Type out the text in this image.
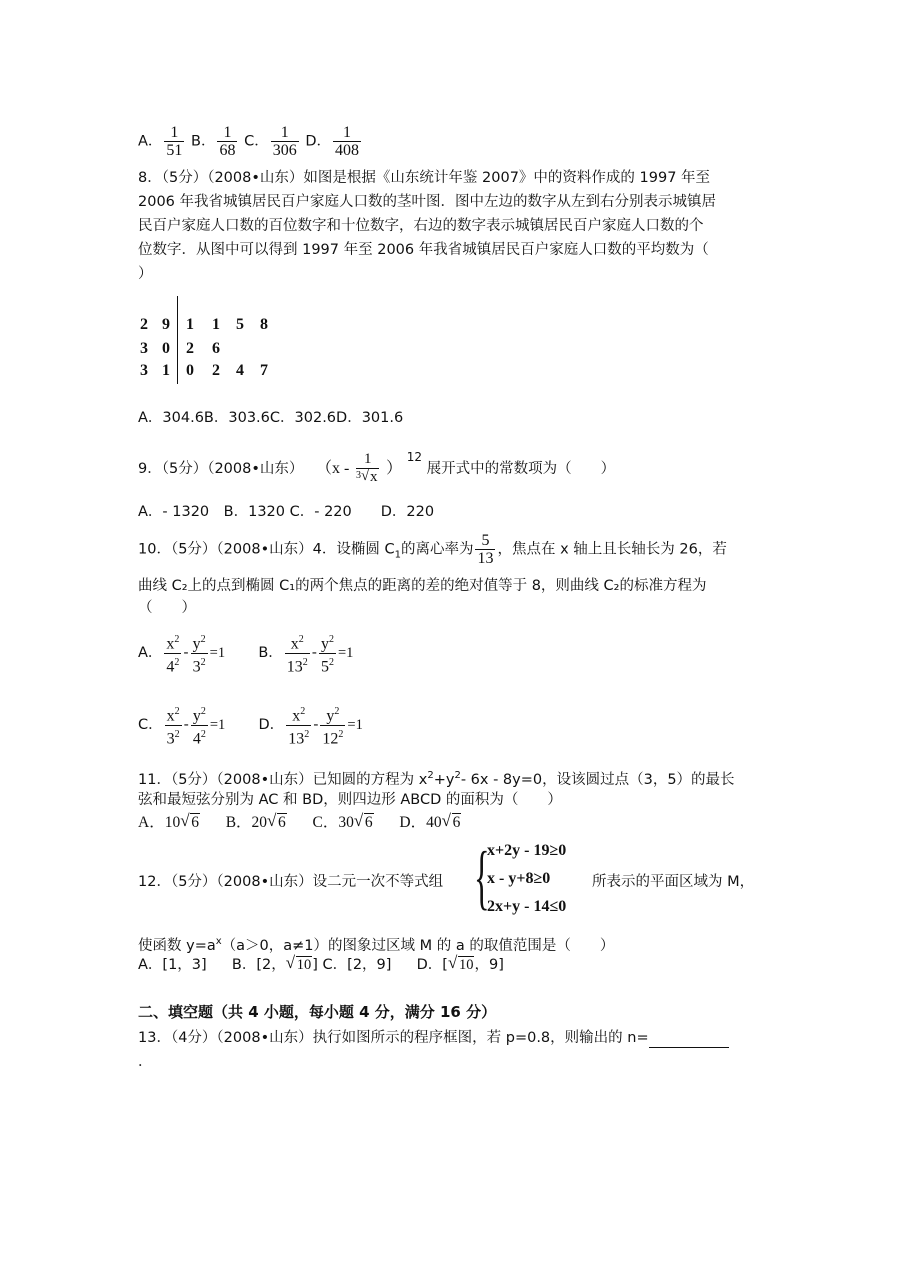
A． $\frac{1}{51}$ B． $\frac{1}{68}$ C． $\frac{1}{306}$ D． $\frac{1}{408}$
8．（5分）（2008•山东）如图是根据《山东统计年鉴 2007》中的资料作成的 1997 年至
2006 年我省城镇居民百户家庭人口数的茎叶图．图中左边的数字从左到右分别表示城镇居
民百户家庭人口数的百位数字和十位数字，右边的数字表示城镇居民百户家庭人口数的个
位数字．从图中可以得到 1997 年至 2006 年我省城镇居民百户家庭人口数的平均数为（
）
2 9 1 1 5 8
3 0 2 6
3 1 0 2 4 7
A．304.6B．303.6C．302.6D．301.6
9．（5分）（2008•山东） （$x - \frac{1}{3 √ x}$ ） $^{12}$ 展开式中的常数项为（　　）
A．- 1320　B．1320 C．- 220　　D．220
10．（5分）（2008•山东）4．设椭圆 $C_1$的离心率为 $\frac{5}{13}$ ，焦点在 x 轴上且长轴长为 26，若
曲线 C₂上的点到椭圆 C₁的两个焦点的距离的差的绝对值等于 8，则曲线 C₂的标准方程为
（　　）
A． $\frac{x^2}{4^2} - \frac{y^2}{3^2} =1$ B． $\frac{x^2}{13^2} - \frac{y^2}{5^2} =1$
C． $\frac{x^2}{3^2} - \frac{y^2}{4^2} =1$ D． $\frac{x^2}{13^2} - \frac{y^2}{12^2} =1$
11．（5分）（2008•山东）已知圆的方程为 $x^2+y^2-$ 6x - 8y=0，设该圆过点（3，5）的最长
弦和最短弦分别为 AC 和 BD，则四边形 ABCD 的面积为（　　）
A．10 √ 6 B．20 √ 6 C．30 √ 6 D．40 √ 6
12．（5分）（2008•山东）设二元一次不等式组 {
x+2y - 19≥0
x - y+8≥0
2x+y - 14≤0
所表示的平面区域为 M，
使函数 $y=a^x(a>0$，a≠1）的图象过区域 M 的 a 的取值范围是（　　）
A．[1，3] B．[2， √ 10] C．[2，9] D．[ √ 10，9]
二、填空题（共 4 小题，每小题 4 分，满分 16 分）
13．（4分）（2008•山东）执行如图所示的程序框图，若 p=0.8，则输出的 n=
．
